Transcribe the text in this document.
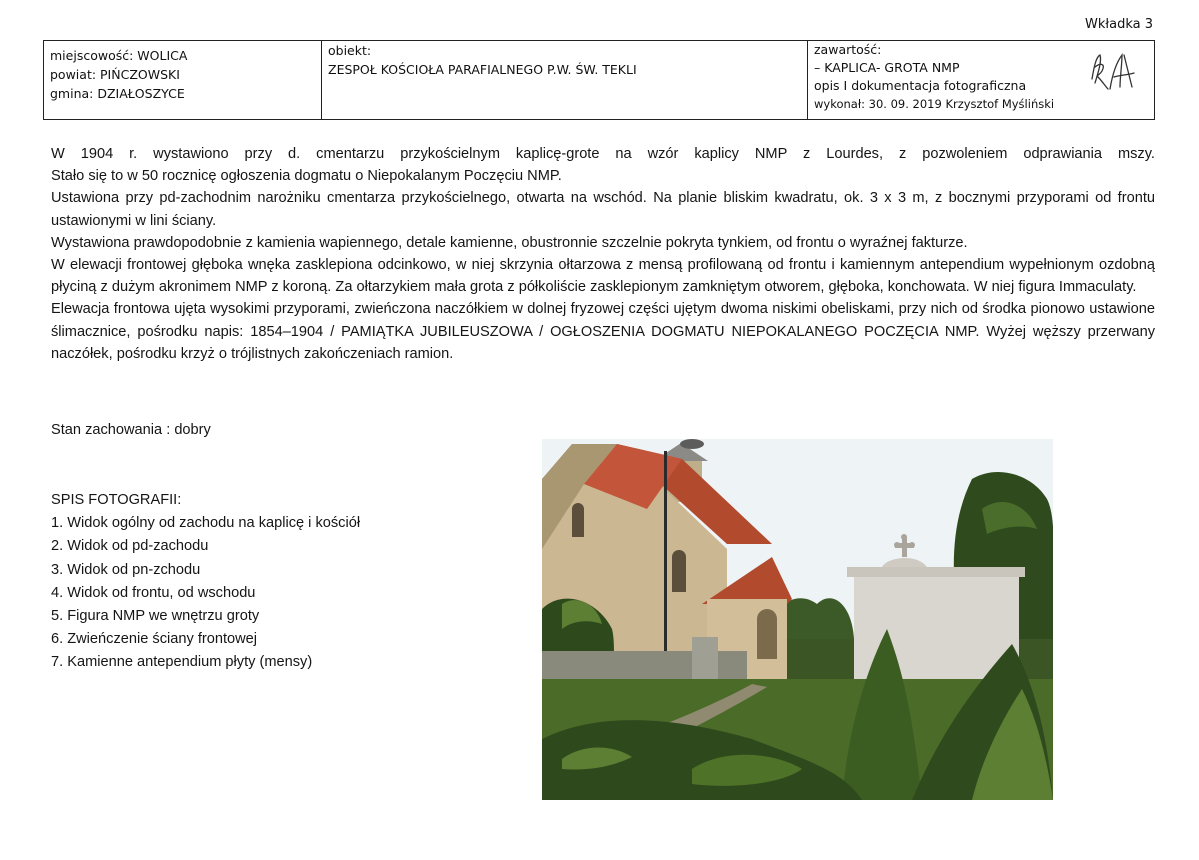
Wkładka 3
miejscowość: WOLICA
powiat: PIŃCZOWSKI
gmina: DZIAŁOSZYCE

obiekt:
ZESPOŁ KOŚCIOŁA PARAFIALNEGO P.W. ŚW. TEKLI

zawartość:
– KAPLICA- GROTA NMP
opis I dokumentacja fotograficzna
wykonał: 30. 09. 2019 Krzysztof Myśliński

W 1904 r. wystawiono przy d. cmentarzu przykościelnym kaplicę-grote na wzór kaplicy NMP z Lourdes, z pozwoleniem odprawiania mszy.

Stało się to w 50 rocznicę ogłoszenia dogmatu o Niepokalanym Poczęciu NMP.

Ustawiona przy pd-zachodnim narożniku cmentarza przykościelnego, otwarta na wschód. Na planie bliskim kwadratu, ok. 3 x 3 m, z bocznymi przyporami od frontu ustawionymi w lini ściany.

Wystawiona prawdopodobnie z kamienia wapiennego, detale kamienne, obustronnie szczelnie pokryta tynkiem, od frontu o wyraźnej fakturze.

W elewacji frontowej głęboka wnęka zasklepiona odcinkowo, w niej skrzynia ołtarzowa z mensą profilowaną od frontu i kamiennym antependium wypełnionym ozdobną płyciną z dużym akronimem NMP z koroną. Za ołtarzykiem mała grota z półkoliście zasklepionym zamkniętym otworem, głęboka, konchowata. W niej figura Immaculaty.

Elewacja frontowa ujęta wysokimi przyporami, zwieńczona naczółkiem w dolnej fryzowej części ujętym dwoma niskimi obeliskami, przy nich od środka pionowo ustawione ślimacznice, pośrodku napis: 1854–1904 / PAMIĄTKA JUBILEUSZOWA / OGŁOSZENIA DOGMATU NIEPOKALANEGO POCZĘCIA NMP. Wyżej węższy przerwany naczółek, pośrodku krzyż o trójlistnych zakończeniach ramion.

Stan zachowania : dobry

SPIS FOTOGRAFII:

1. Widok ogólny od zachodu na kaplicę i kościół
2. Widok od pd-zachodu
3. Widok od pn-zchodu
4. Widok od frontu, od wschodu
5. Figura NMP we wnętrzu groty
6. Zwieńczenie ściany frontowej
7. Kamienne antependium płyty (mensy)
